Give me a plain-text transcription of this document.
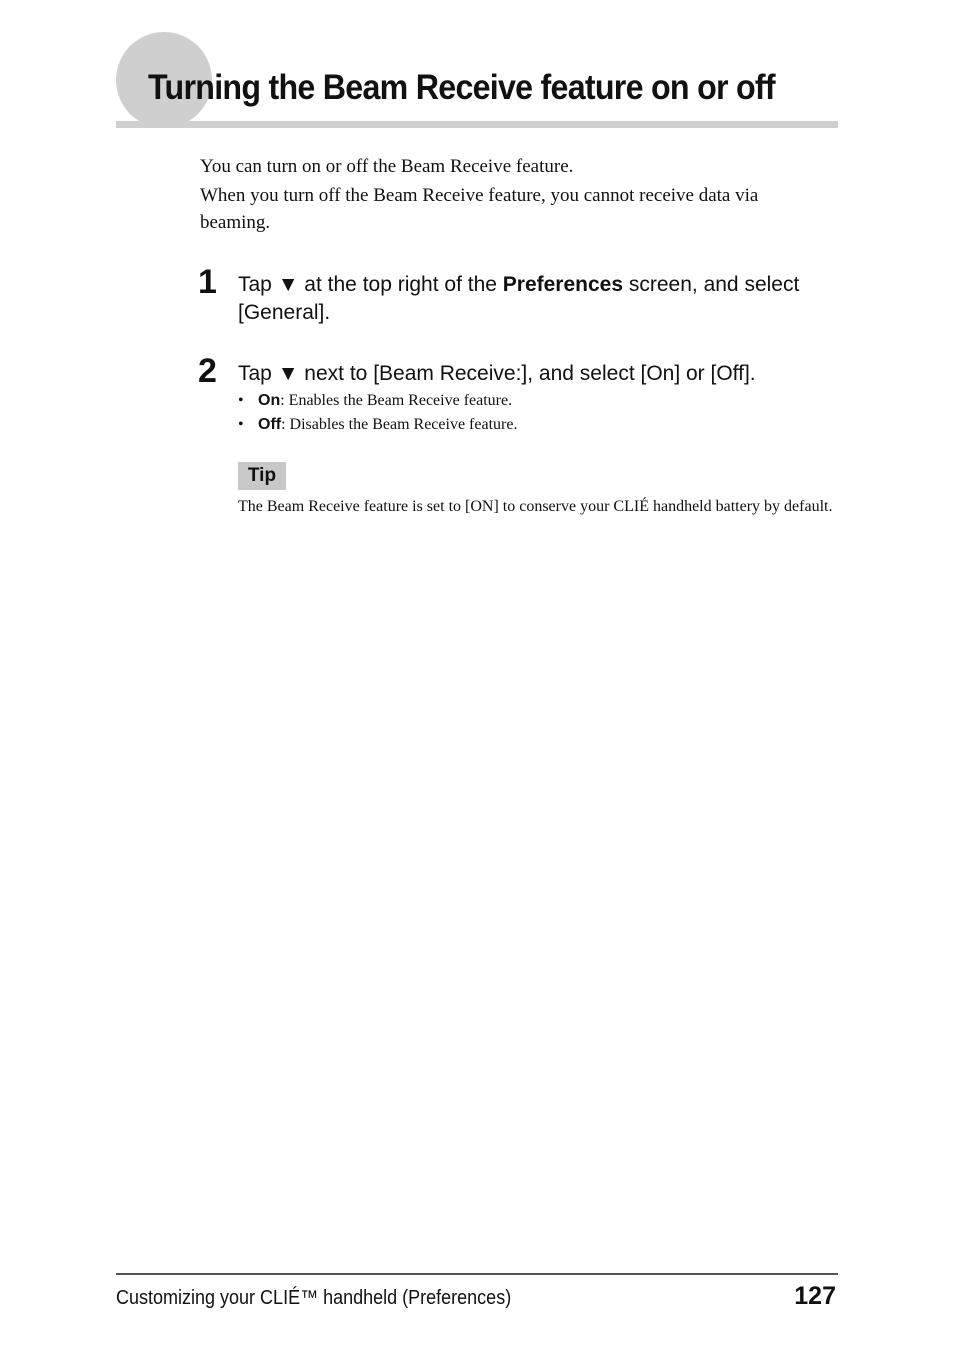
Turning the Beam Receive feature on or off

You can turn on or off the Beam Receive feature.

When you turn off the Beam Receive feature, you cannot receive data via beaming.

1 Tap ▼ at the top right of the Preferences screen, and select [General].

2 Tap ▼ next to [Beam Receive:], and select [On] or [Off].

• On: Enables the Beam Receive feature.
• Off: Disables the Beam Receive feature.
Tip

The Beam Receive feature is set to [ON] to conserve your CLIÉ handheld battery by default.

Customizing your CLIÉ™ handheld (Preferences)	127
